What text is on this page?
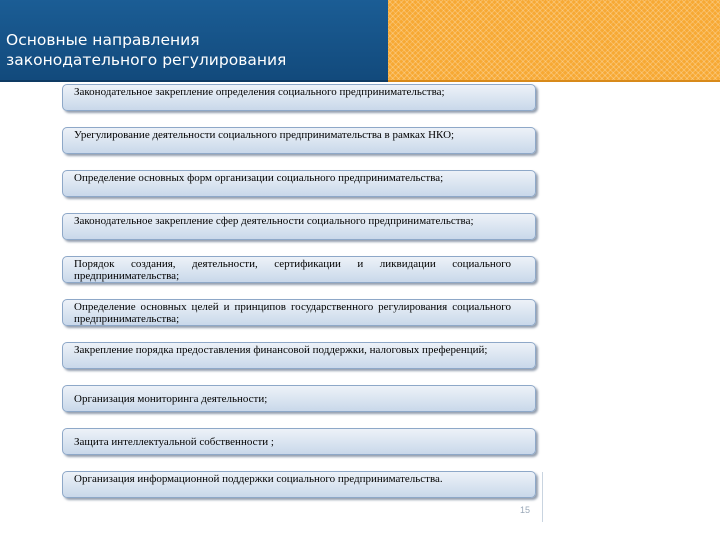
Основные направления
законодательного регулирования
Законодательное закрепление определения социального предпринимательства;
Урегулирование деятельности социального предпринимательства в рамках НКО;
Определение основных форм организации социального предпринимательства;
Законодательное закрепление сфер деятельности социального предпринимательства;
Порядок создания, деятельности, сертификации и ликвидации социального предпринимательства;
Определение основных целей и принципов государственного регулирования социального предпринимательства;
Закрепление порядка предоставления финансовой поддержки, налоговых преференций;
Организация мониторинга деятельности;
Защита интеллектуальной собственности ;
Организация информационной поддержки социального предпринимательства.
15
